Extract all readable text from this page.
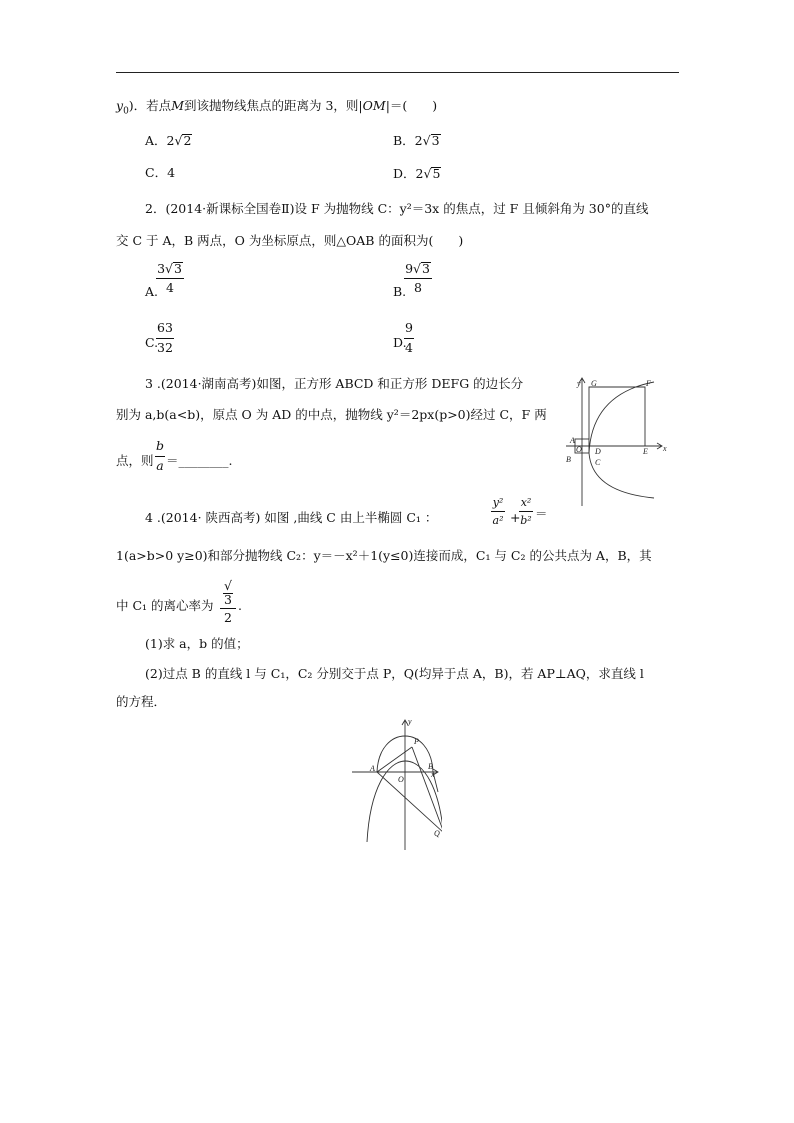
$y_0$)．若点M到该抛物线焦点的距离为 3，则|OM|＝(　　)
A．2√2	B．2√3
C．4	D．2√5
2．(2014·新课标全国卷Ⅱ)设 F 为抛物线 C：y²＝3x 的焦点，过 F 且倾斜角为 30°的直线
交 C 于 A，B 两点，O 为坐标原点，则△OAB 的面积为(　　)
A.
$\frac{3√3}{4}$	B.
$\frac{9√3}{8}$
C.
$\frac{63}{32}$	D.
$\frac{9}{4}$
3 .(2014·湖南高考)如图，正方形 ABCD 和正方形 DEFG 的边长分
别为 a,b(a<b)，原点 O 为 AD 的中点，抛物线 y²＝2px(p>0)经过 C，F 两
点，则 $\frac{b}{a}$ ＝________.
y
x
G	F
A
O D	E
B	C
4 .(2014· 陕西高考) 如图 ,曲线 C 由上半椭圆 C₁ ：	$\frac{\text{y²}}{\text{a²}}$ +
$\frac{\text{x²}}{\text{b²}}$ ＝
1(a>b>0 y≥0)和部分抛物线 C₂：y＝－x²＋1(y≤0)连接而成，C₁ 与 C₂ 的公共点为 A，B，其
中 C₁ 的离心率为 $\frac{√3}{2}$ .
(1)求 a，b 的值；
(2)过点 B 的直线 l 与 C₁，C₂ 分别交于点 P，Q(均异于点 A，B)，若 AP⊥AQ，求直线 l
的方程．
y
x
P
A
O
B
Q
